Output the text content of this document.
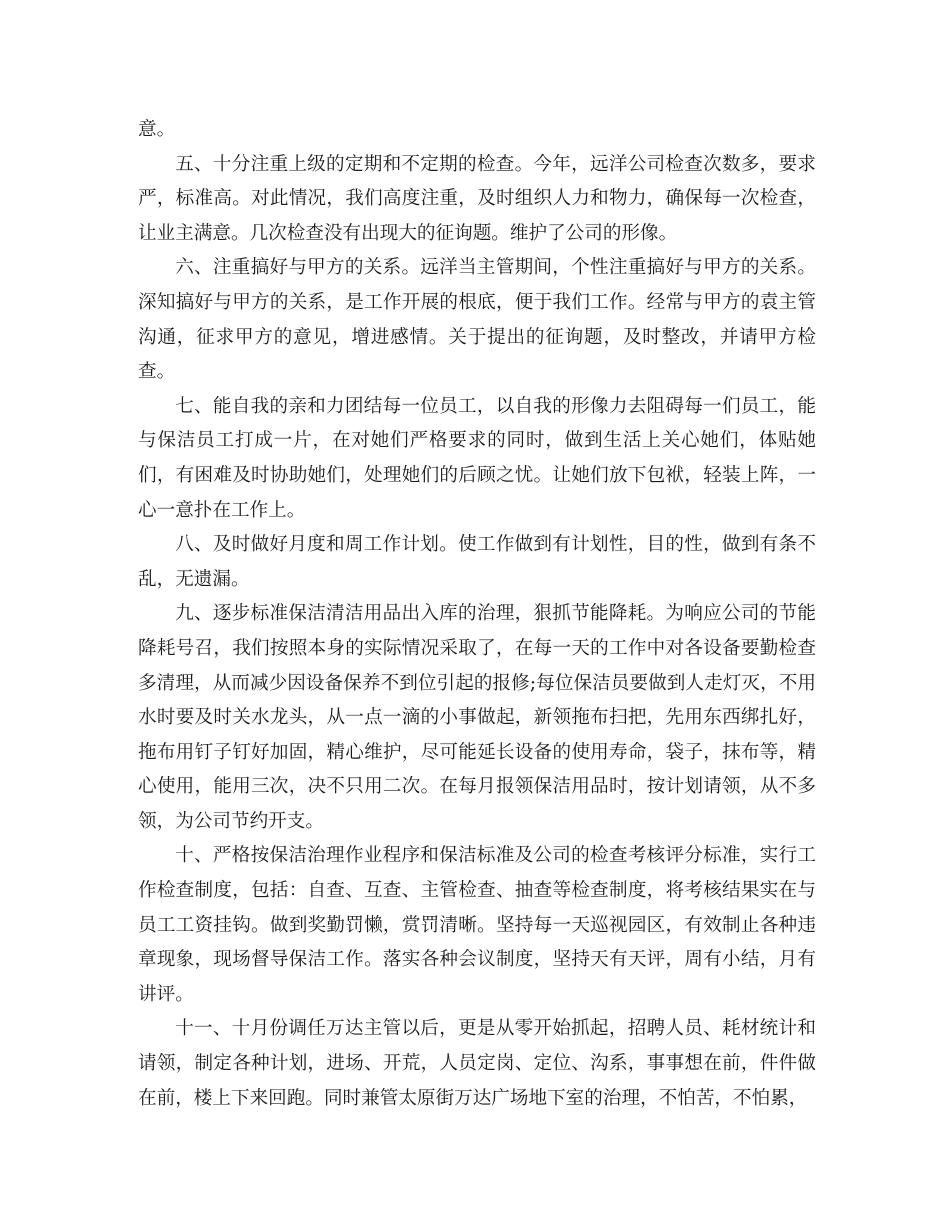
意。

五、十分注重上级的定期和不定期的检查。今年，远洋公司检查次数多，要求严，标准高。对此情况，我们高度注重，及时组织人力和物力，确保每一次检查，让业主满意。几次检查没有出现大的征询题。维护了公司的形像。

六、注重搞好与甲方的关系。远洋当主管期间，个性注重搞好与甲方的关系。深知搞好与甲方的关系，是工作开展的根底，便于我们工作。经常与甲方的袁主管沟通，征求甲方的意见，增进感情。关于提出的征询题，及时整改，并请甲方检查。

七、能自我的亲和力团结每一位员工，以自我的形像力去阻碍每一们员工，能与保洁员工打成一片，在对她们严格要求的同时，做到生活上关心她们，体贴她们，有困难及时协助她们，处理她们的后顾之忧。让她们放下包袱，轻装上阵，一心一意扑在工作上。

八、及时做好月度和周工作计划。使工作做到有计划性，目的性，做到有条不乱，无遗漏。

九、逐步标准保洁清洁用品出入库的治理，狠抓节能降耗。为响应公司的节能降耗号召，我们按照本身的实际情况采取了，在每一天的工作中对各设备要勤检查多清理，从而减少因设备保养不到位引起的报修;每位保洁员要做到人走灯灭，不用水时要及时关水龙头，从一点一滴的小事做起，新领拖布扫把，先用东西绑扎好，拖布用钉子钉好加固，精心维护，尽可能延长设备的使用寿命，袋子，抹布等，精心使用，能用三次，决不只用二次。在每月报领保洁用品时，按计划请领，从不多领，为公司节约开支。

十、严格按保洁治理作业程序和保洁标准及公司的检查考核评分标准，实行工作检查制度，包括：自查、互查、主管检查、抽查等检查制度，将考核结果实在与员工工资挂钩。做到奖勤罚懒，赏罚清晰。坚持每一天巡视园区，有效制止各种违章现象，现场督导保洁工作。落实各种会议制度，坚持天有天评，周有小结，月有讲评。

十一、十月份调任万达主管以后，更是从零开始抓起，招聘人员、耗材统计和请领，制定各种计划，进场、开荒，人员定岗、定位、沟系，事事想在前，件件做在前，楼上下来回跑。同时兼管太原街万达广场地下室的治理，不怕苦，不怕累，
